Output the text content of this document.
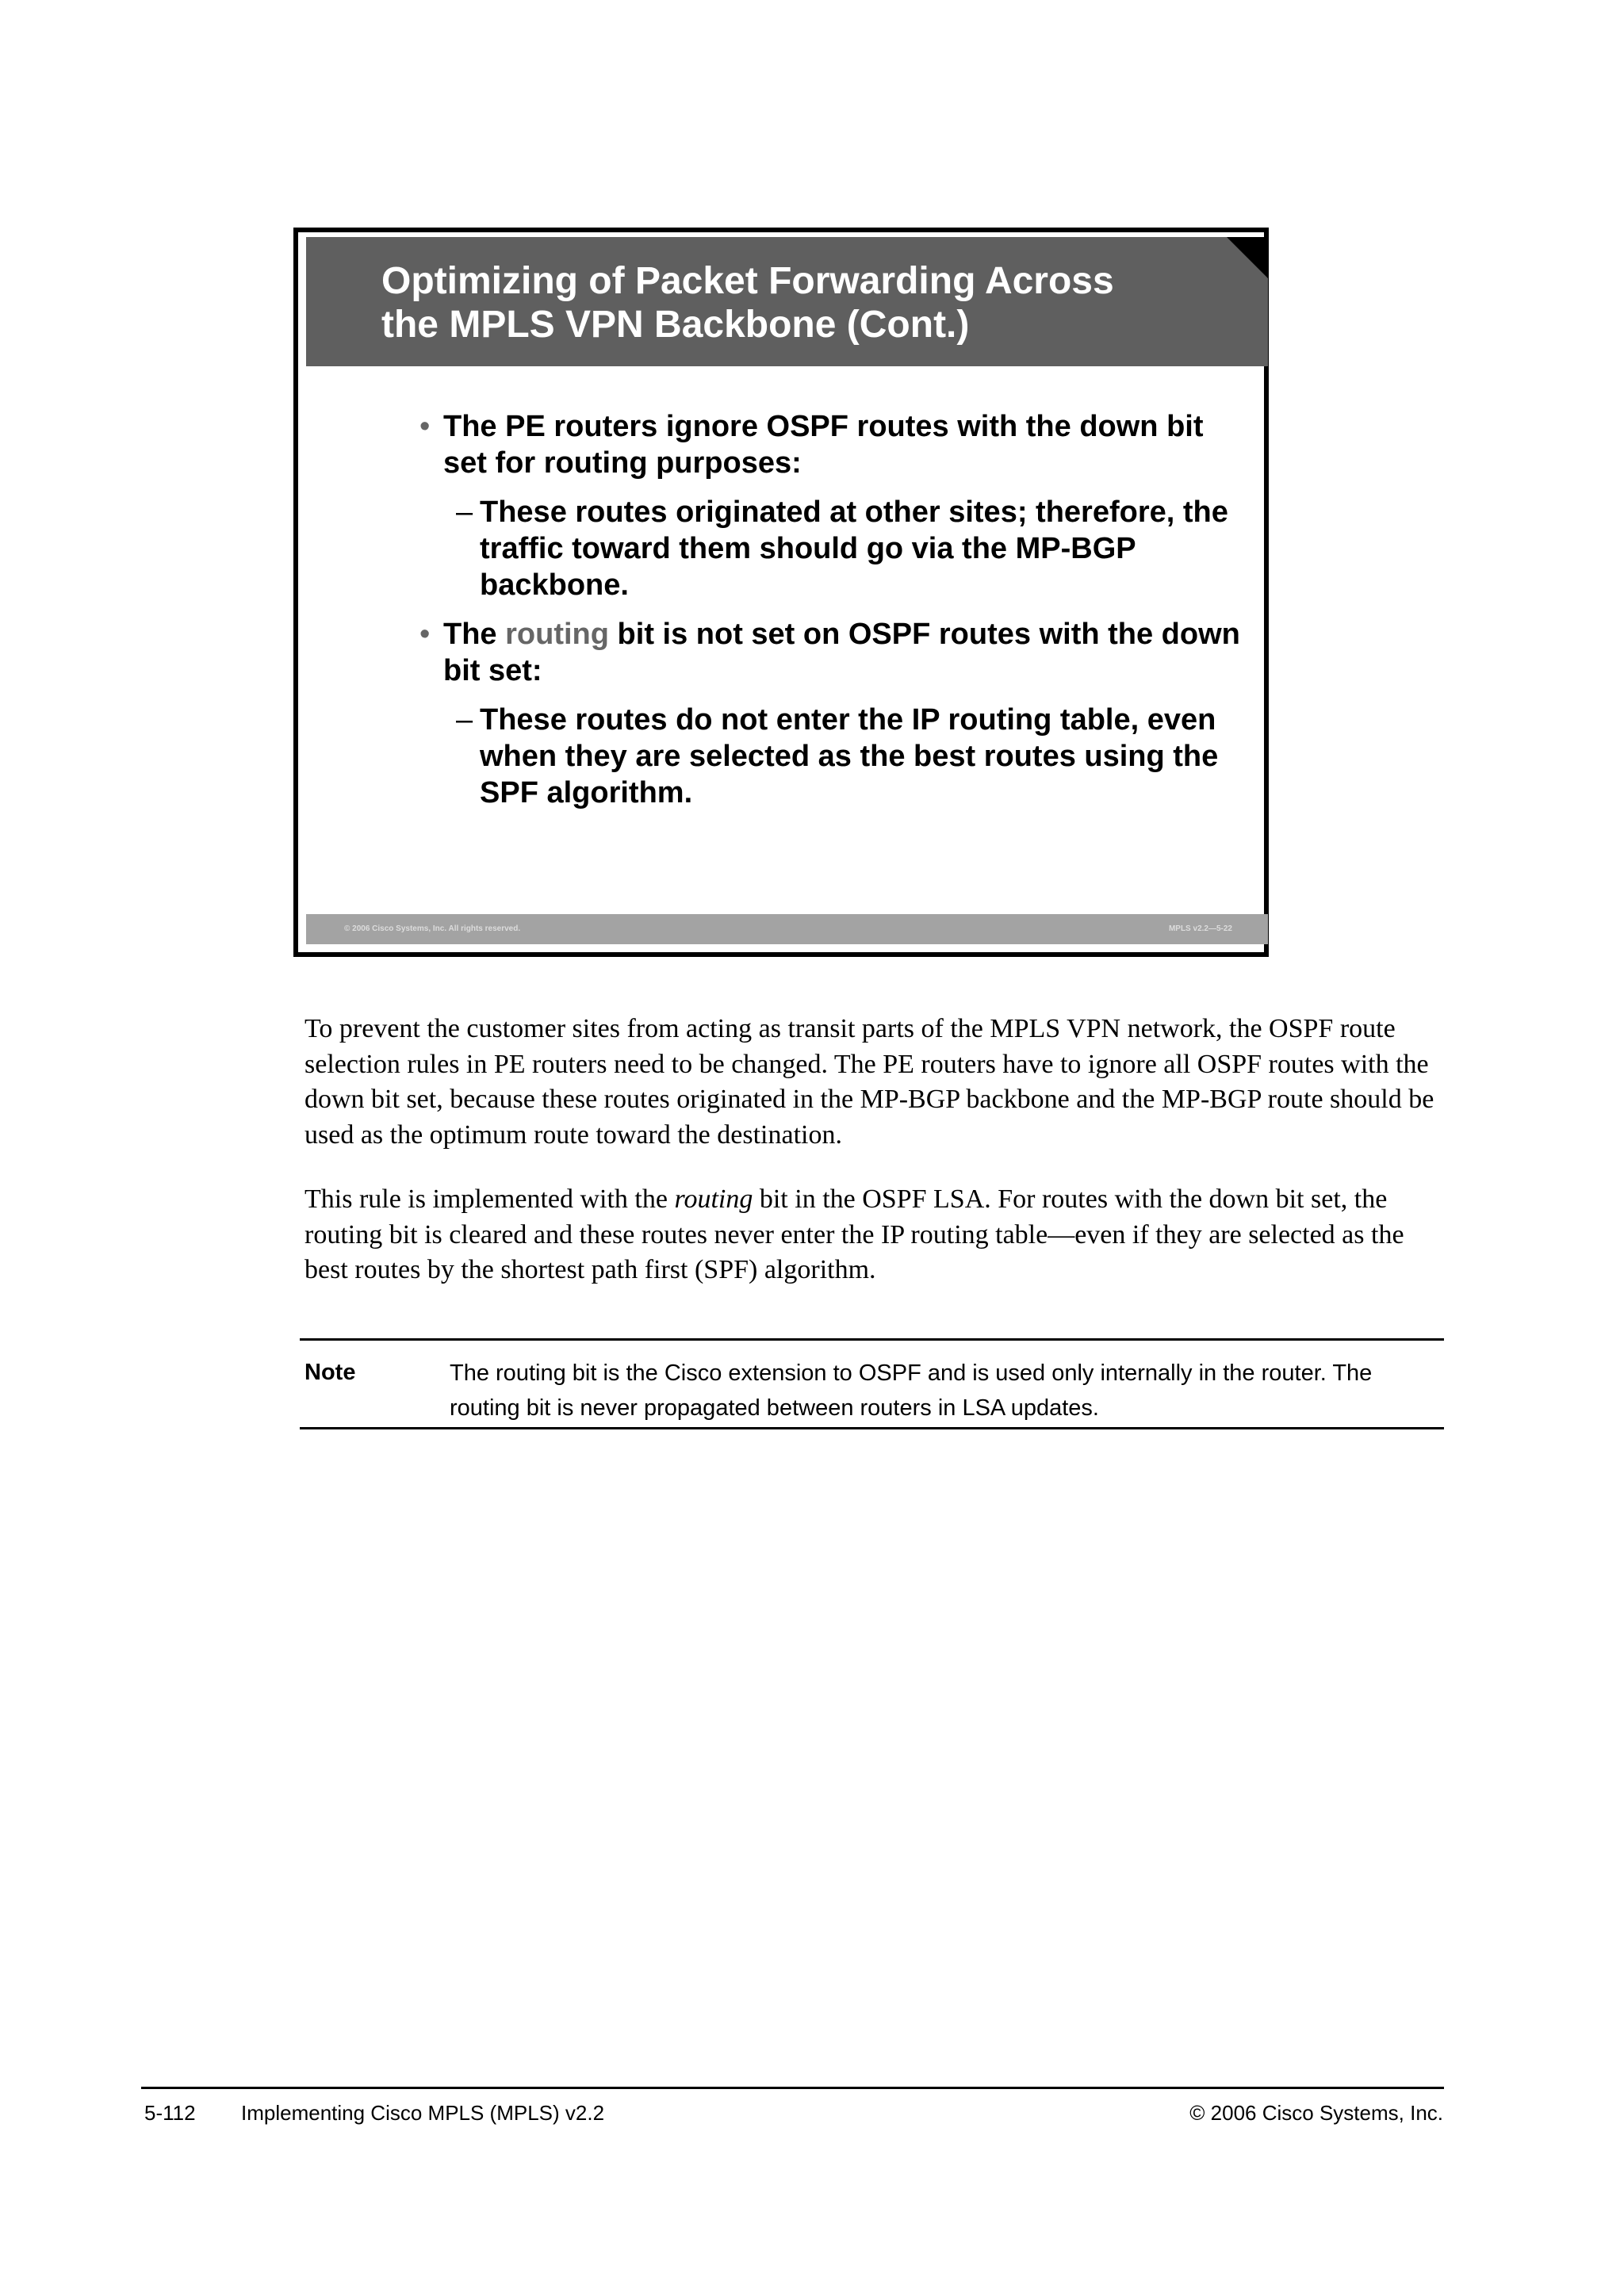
Optimizing of Packet Forwarding Across
the MPLS VPN Backbone (Cont.)
• The PE routers ignore OSPF routes with the down bit set for routing purposes:
– These routes originated at other sites; therefore, the traffic toward them should go via the MP-BGP backbone.
• The routing bit is not set on OSPF routes with the down bit set:
– These routes do not enter the IP routing table, even when they are selected as the best routes using the SPF algorithm.
© 2006 Cisco Systems, Inc. All rights reserved.	MPLS v2.2—5-22

To prevent the customer sites from acting as transit parts of the MPLS VPN network, the OSPF route selection rules in PE routers need to be changed. The PE routers have to ignore all OSPF routes with the down bit set, because these routes originated in the MP-BGP backbone and the MP-BGP route should be used as the optimum route toward the destination.

This rule is implemented with the routing bit in the OSPF LSA. For routes with the down bit set, the routing bit is cleared and these routes never enter the IP routing table—even if they are selected as the best routes by the shortest path first (SPF) algorithm.

Note	The routing bit is the Cisco extension to OSPF and is used only internally in the router. The routing bit is never propagated between routers in LSA updates.

5-112 Implementing Cisco MPLS (MPLS) v2.2	© 2006 Cisco Systems, Inc.
